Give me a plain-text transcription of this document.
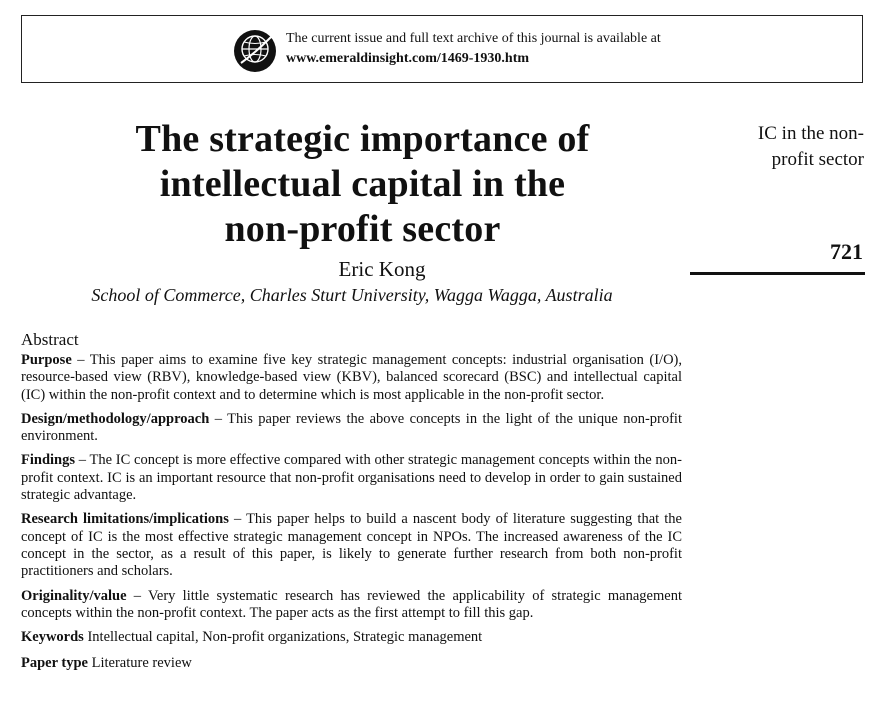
The current issue and full text archive of this journal is available at
www.emeraldinsight.com/1469-1930.htm
IC in the non-
profit sector
721
The strategic importance of
intellectual capital in the
non-profit sector
Eric Kong
School of Commerce, Charles Sturt University, Wagga Wagga, Australia
Abstract

Purpose – This paper aims to examine five key strategic management concepts: industrial organisation (I/O), resource-based view (RBV), knowledge-based view (KBV), balanced scorecard (BSC) and intellectual capital (IC) within the non-profit context and to determine which is most applicable in the non-profit sector.

Design/methodology/approach – This paper reviews the above concepts in the light of the unique non-profit environment.

Findings – The IC concept is more effective compared with other strategic management concepts within the non-profit context. IC is an important resource that non-profit organisations need to develop in order to gain sustained strategic advantage.

Research limitations/implications – This paper helps to build a nascent body of literature suggesting that the concept of IC is the most effective strategic management concept in NPOs. The increased awareness of the IC concept in the sector, as a result of this paper, is likely to generate further research from both non-profit practitioners and scholars.

Originality/value – Very little systematic research has reviewed the applicability of strategic management concepts within the non-profit context. The paper acts as the first attempt to fill this gap.

Keywords Intellectual capital, Non-profit organizations, Strategic management

Paper type Literature review
